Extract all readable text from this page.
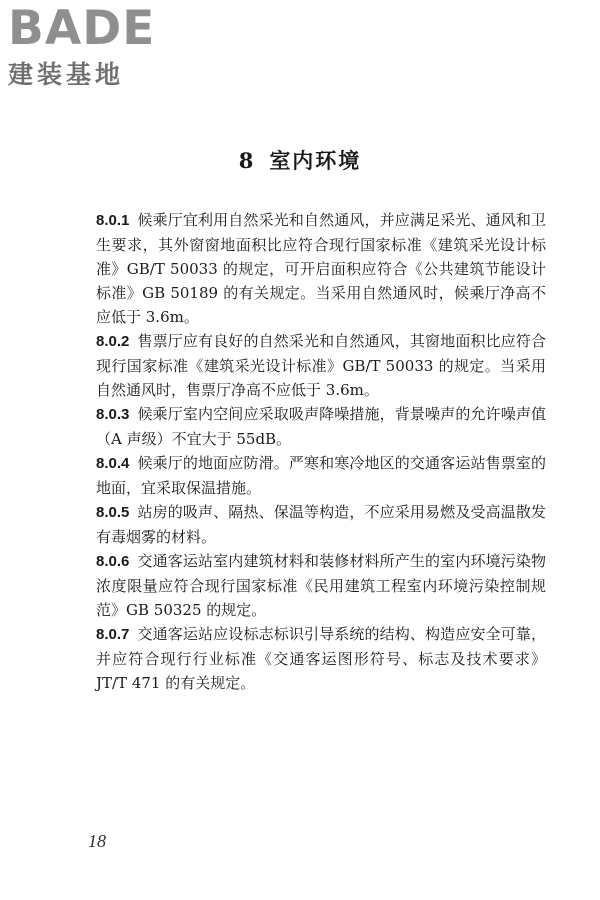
BADE
建装基地
8 室内环境

8.0.1 候乘厅宜利用自然采光和自然通风，并应满足采光、通风和卫生要求，其外窗窗地面积比应符合现行国家标准《建筑采光设计标准》GB/T 50033 的规定，可开启面积应符合《公共建筑节能设计标准》GB 50189 的有关规定。当采用自然通风时，候乘厅净高不应低于 3.6m。

8.0.2 售票厅应有良好的自然采光和自然通风，其窗地面积比应符合现行国家标准《建筑采光设计标准》GB/T 50033 的规定。当采用自然通风时，售票厅净高不应低于 3.6m。

8.0.3 候乘厅室内空间应采取吸声降噪措施，背景噪声的允许噪声值（A 声级）不宜大于 55dB。

8.0.4 候乘厅的地面应防滑。严寒和寒冷地区的交通客运站售票室的地面，宜采取保温措施。

8.0.5 站房的吸声、隔热、保温等构造，不应采用易燃及受高温散发有毒烟雾的材料。

8.0.6 交通客运站室内建筑材料和装修材料所产生的室内环境污染物浓度限量应符合现行国家标准《民用建筑工程室内环境污染控制规范》GB 50325 的规定。

8.0.7 交通客运站应设标志标识引导系统的结构、构造应安全可靠，并应符合现行行业标准《交通客运图形符号、标志及技术要求》JT/T 471 的有关规定。

18
